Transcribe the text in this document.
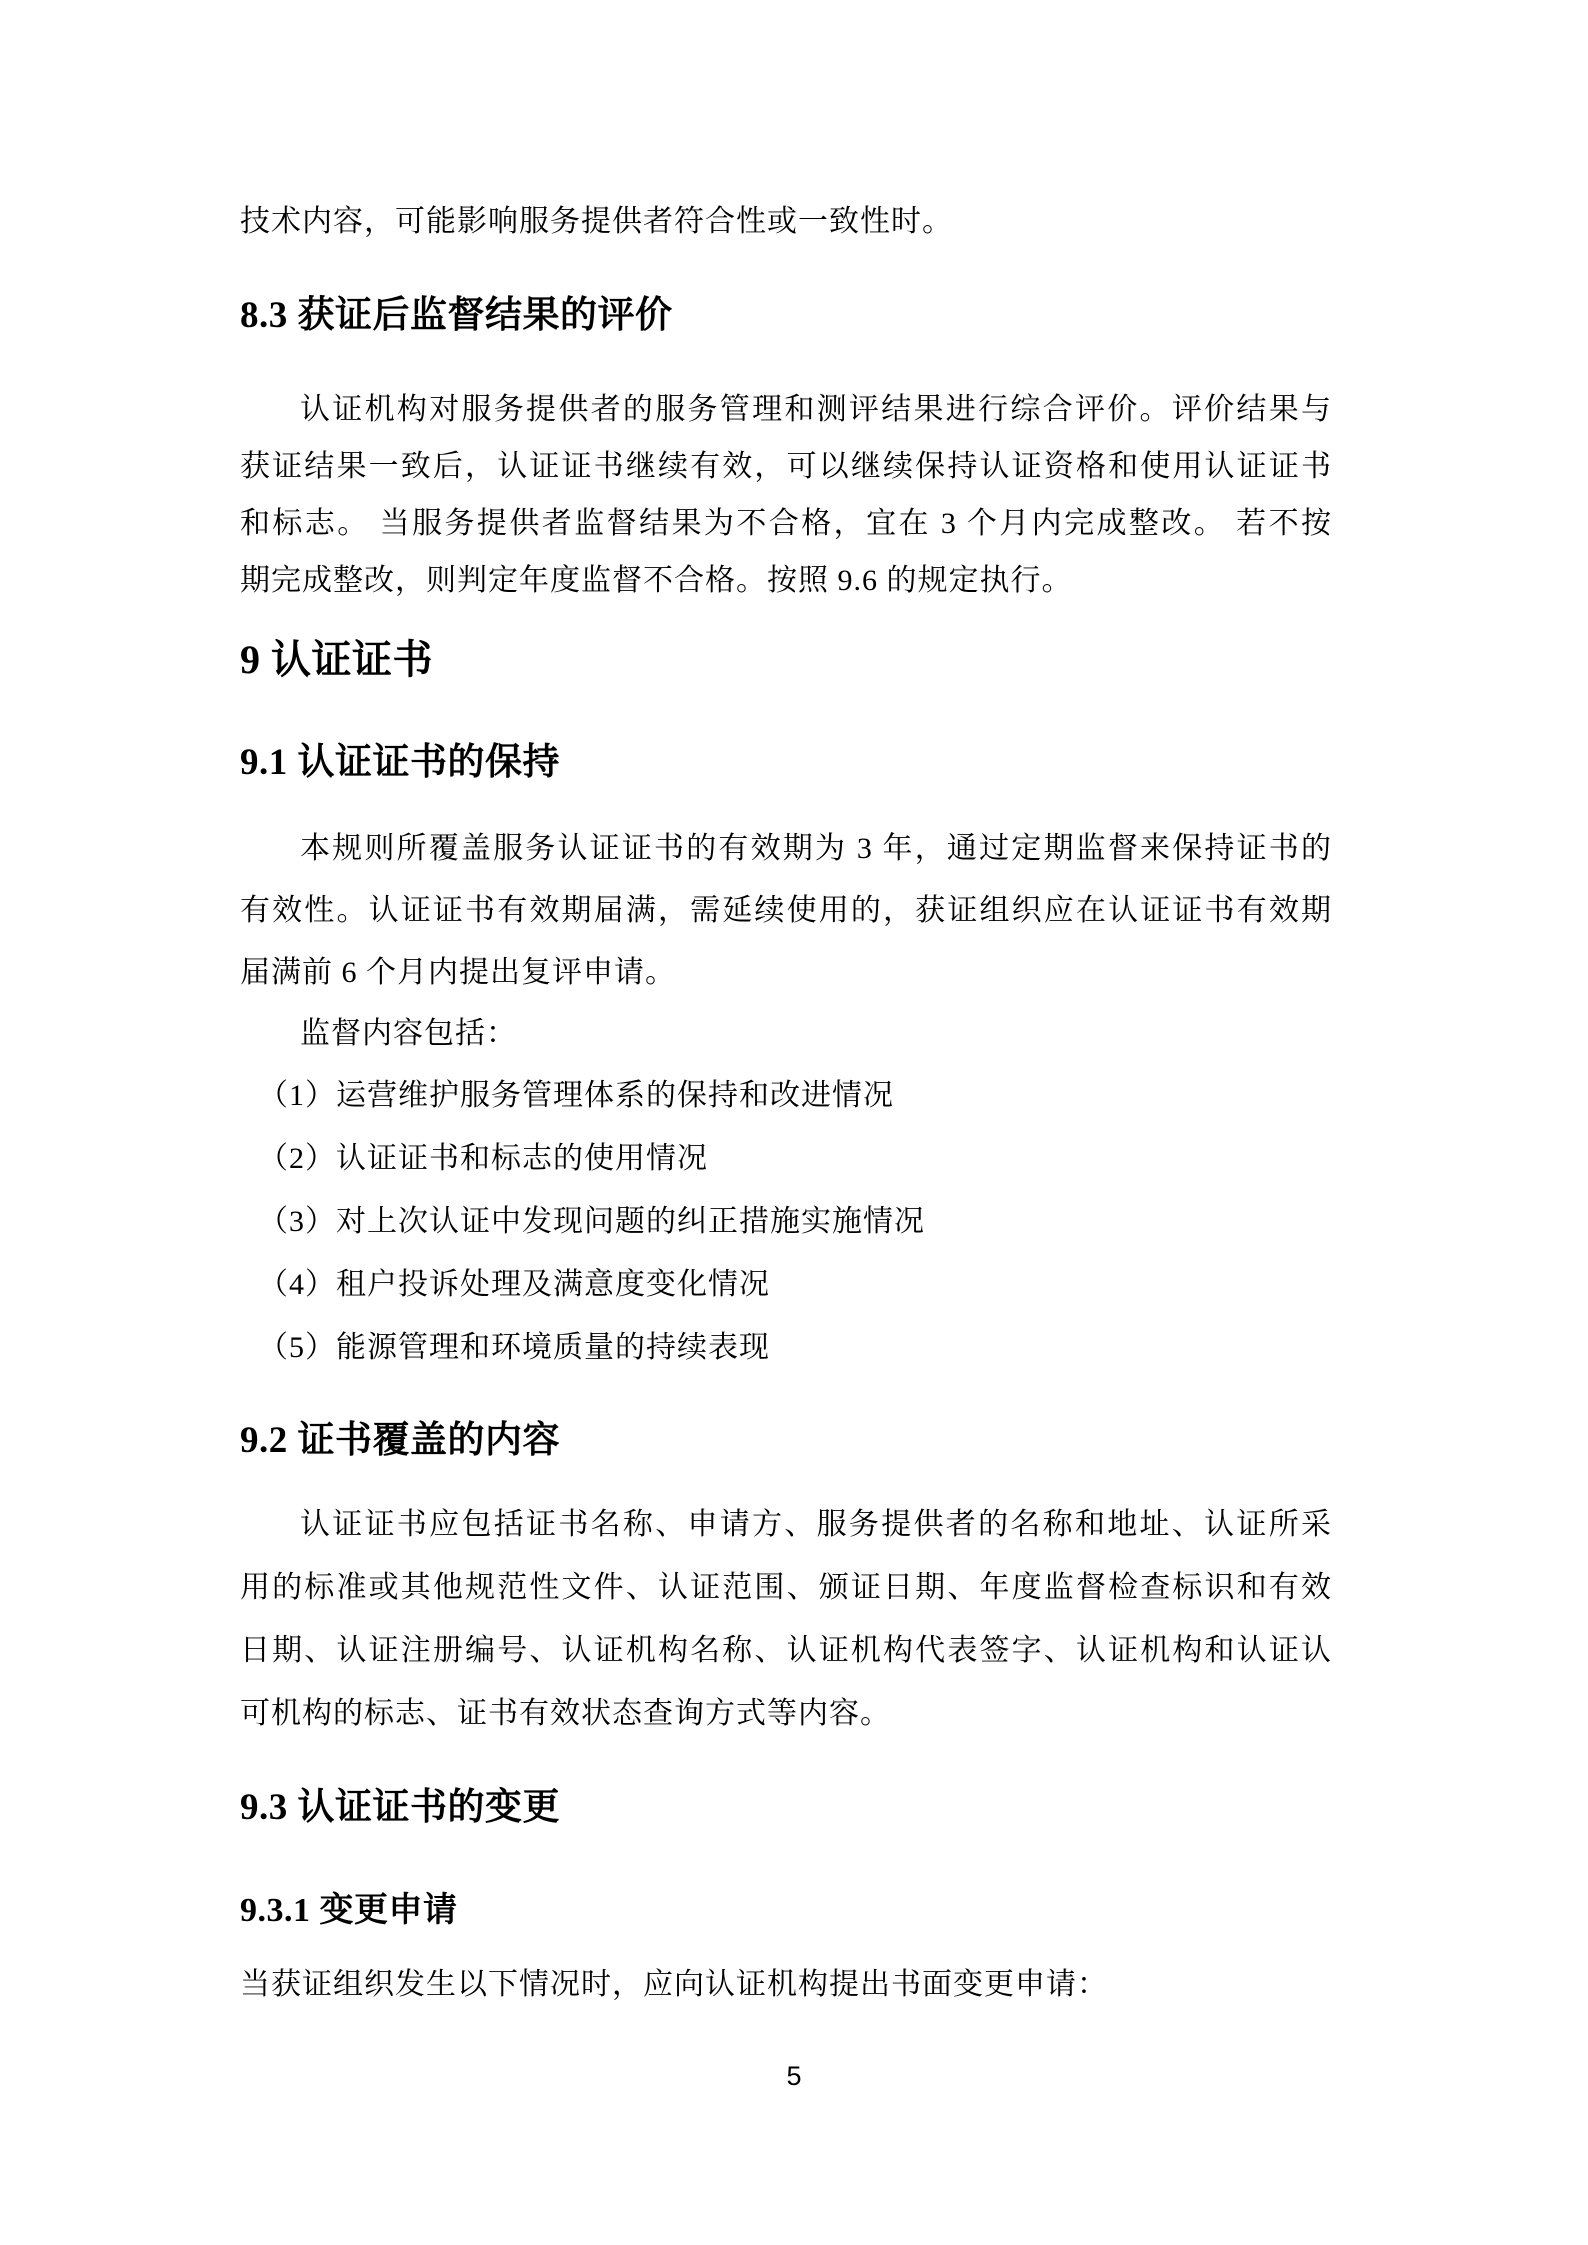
技术内容，可能影响服务提供者符合性或一致性时。
8.3 获证后监督结果的评价
认证机构对服务提供者的服务管理和测评结果进行综合评价。评价结果与
获证结果一致后，认证证书继续有效，可以继续保持认证资格和使用认证证书
和标志。 当服务提供者监督结果为不合格，宜在 3 个月内完成整改。 若不按
期完成整改，则判定年度监督不合格。按照 9.6 的规定执行。
9 认证证书
9.1 认证证书的保持
本规则所覆盖服务认证证书的有效期为 3 年，通过定期监督来保持证书的
有效性。认证证书有效期届满，需延续使用的，获证组织应在认证证书有效期
届满前 6 个月内提出复评申请。
监督内容包括：
（1）运营维护服务管理体系的保持和改进情况
（2）认证证书和标志的使用情况
（3）对上次认证中发现问题的纠正措施实施情况
（4）租户投诉处理及满意度变化情况
（5）能源管理和环境质量的持续表现
9.2 证书覆盖的内容
认证证书应包括证书名称、申请方、服务提供者的名称和地址、认证所采
用的标准或其他规范性文件、认证范围、颁证日期、年度监督检查标识和有效
日期、认证注册编号、认证机构名称、认证机构代表签字、认证机构和认证认
可机构的标志、证书有效状态查询方式等内容。
9.3 认证证书的变更
9.3.1 变更申请
当获证组织发生以下情况时，应向认证机构提出书面变更申请：
5
